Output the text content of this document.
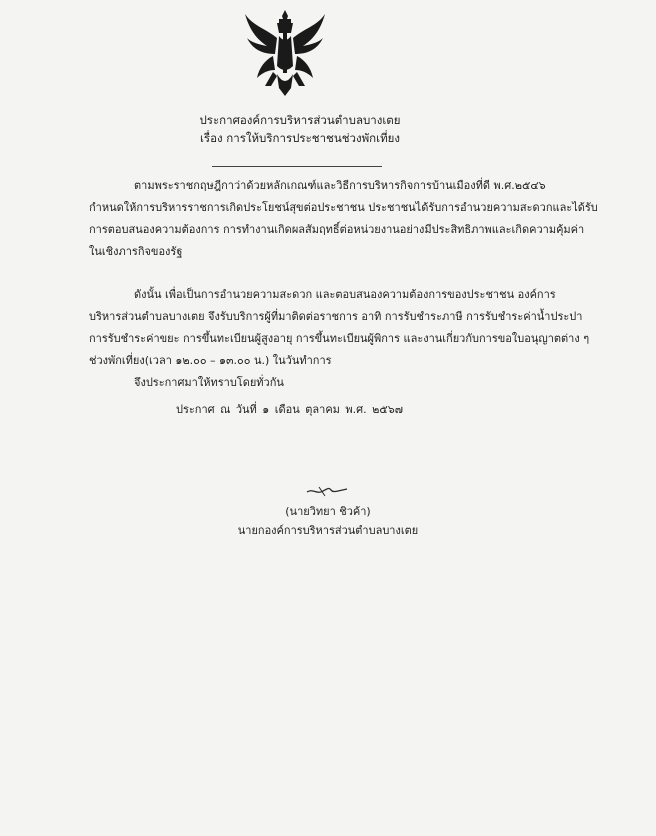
ประกาศองค์การบริหารส่วนตำบลบางเตย
เรื่อง การให้บริการประชาชนช่วงพักเที่ยง
ตามพระราชกฤษฎีกาว่าด้วยหลักเกณฑ์และวิธีการบริหารกิจการบ้านเมืองที่ดี พ.ศ.๒๕๔๖
กำหนดให้การบริหารราชการเกิดประโยชน์สุขต่อประชาชน ประชาชนได้รับการอำนวยความสะดวกและได้รับ
การตอบสนองความต้องการ การทำงานเกิดผลสัมฤทธิ์ต่อหน่วยงานอย่างมีประสิทธิภาพและเกิดความคุ้มค่า
ในเชิงภารกิจของรัฐ
ดังนั้น เพื่อเป็นการอำนวยความสะดวก และตอบสนองความต้องการของประชาชน องค์การ
บริหารส่วนตำบลบางเตย จึงรับบริการผู้ที่มาติดต่อราชการ อาทิ การรับชำระภาษี การรับชำระค่าน้ำประปา
การรับชำระค่าขยะ การขึ้นทะเบียนผู้สูงอายุ การขึ้นทะเบียนผู้พิการ และงานเกี่ยวกับการขอใบอนุญาตต่าง ๆ
ช่วงพักเที่ยง(เวลา ๑๒.๐๐ – ๑๓.๐๐ น.) ในวันทำการ
จึงประกาศมาให้ทราบโดยทั่วกัน
ประกาศ ณ วันที่ ๑ เดือน ตุลาคม พ.ศ. ๒๕๖๗
(นายวิทยา ชิวค้า)
นายกองค์การบริหารส่วนตำบลบางเตย
